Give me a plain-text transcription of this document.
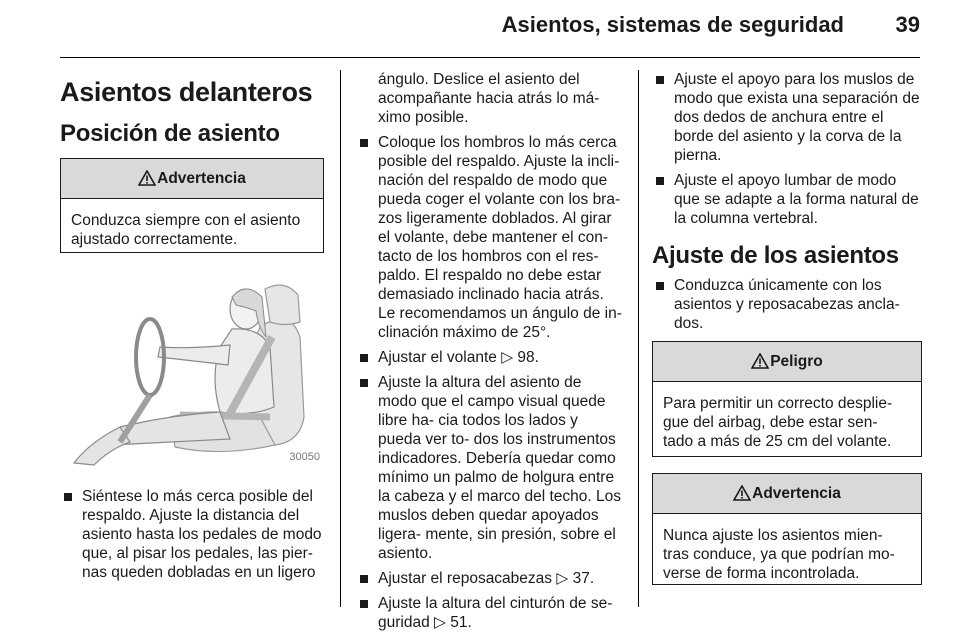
Asientos, sistemas de seguridad 39
Asientos delanteros
Posición de asiento
Advertencia
Conduzca siempre con el asiento ajustado correctamente.
30050
Siéntese lo más cerca posible del respaldo. Ajuste la distancia del asiento hasta los pedales de modo que, al pisar los pedales, las pier- nas queden dobladas en un ligero
ángulo. Deslice el asiento del acompañante hacia atrás lo má- ximo posible.
Coloque los hombros lo más cerca posible del respaldo. Ajuste la incli- nación del respaldo de modo que pueda coger el volante con los bra- zos ligeramente doblados. Al girar el volante, debe mantener el con- tacto de los hombros con el res- paldo. El respaldo no debe estar demasiado inclinado hacia atrás. Le recomendamos un ángulo de in- clinación máximo de 25°.
Ajustar el volante ▷ 98.
Ajuste la altura del asiento de modo que el campo visual quede libre ha- cia todos los lados y pueda ver to- dos los instrumentos indicadores. Debería quedar como mínimo un palmo de holgura entre la cabeza y el marco del techo. Los muslos deben quedar apoyados ligera- mente, sin presión, sobre el asiento.
Ajustar el reposacabezas ▷ 37.
Ajuste la altura del cinturón de se- guridad ▷ 51.
Ajuste el apoyo para los muslos de modo que exista una separación de dos dedos de anchura entre el borde del asiento y la corva de la pierna.
Ajuste el apoyo lumbar de modo que se adapte a la forma natural de la columna vertebral.
Ajuste de los asientos
Conduzca únicamente con los asientos y reposacabezas ancla- dos.
Peligro
Para permitir un correcto desplie- gue del airbag, debe estar sen- tado a más de 25 cm del volante.
Advertencia
Nunca ajuste los asientos mien- tras conduce, ya que podrían mo- verse de forma incontrolada.
